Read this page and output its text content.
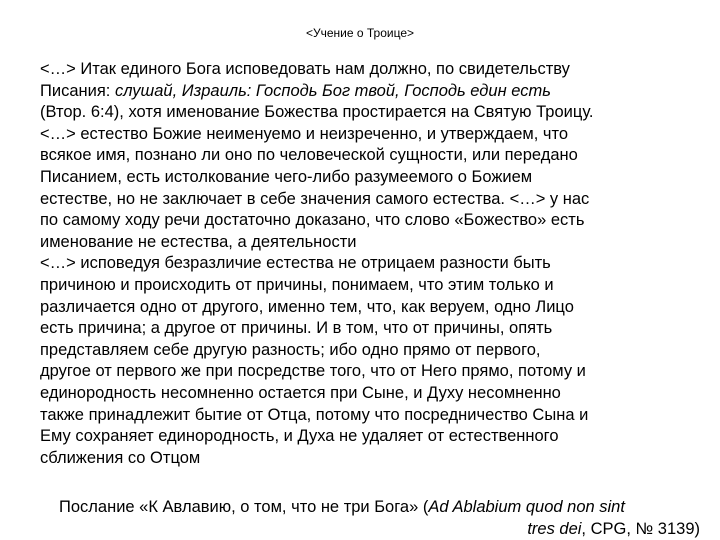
<Учение о Троице>

<…> Итак единого Бога исповедовать нам должно, по свидетельству
Писания: слушай, Израиль: Господь Бог твой, Господь един есть
(Втор. 6:4), хотя именование Божества простирается на Святую Троицу.
<…> естество Божие неименуемо и неизреченно, и утверждаем, что
всякое имя, познано ли оно по человеческой сущности, или передано
Писанием, есть истолкование чего-либо разумеемого о Божием
естестве, но не заключает в себе значения самого естества. <…> у нас
по самому ходу речи достаточно доказано, что слово «Божество» есть
именование не естества, а деятельности

<…> исповедуя безразличие естества не отрицаем разности быть
причиною и происходить от причины, понимаем, что этим только и
различается одно от другого, именно тем, что, как веруем, одно Лицо
есть причина; а другое от причины. И в том, что от причины, опять
представляем себе другую разность; ибо одно прямо от первого,
другое от первого же при посредстве того, что от Него прямо, потому и
единородность несомненно остается при Сыне, и Духу несомненно
также принадлежит бытие от Отца, потому что посредничество Сына и
Ему сохраняет единородность, и Духа не удаляет от естественного
сближения со Отцом

Послание «К Авлавию, о том, что не три Бога» (Ad Ablabium quod non sint
tres dei, CPG, № 3139)
